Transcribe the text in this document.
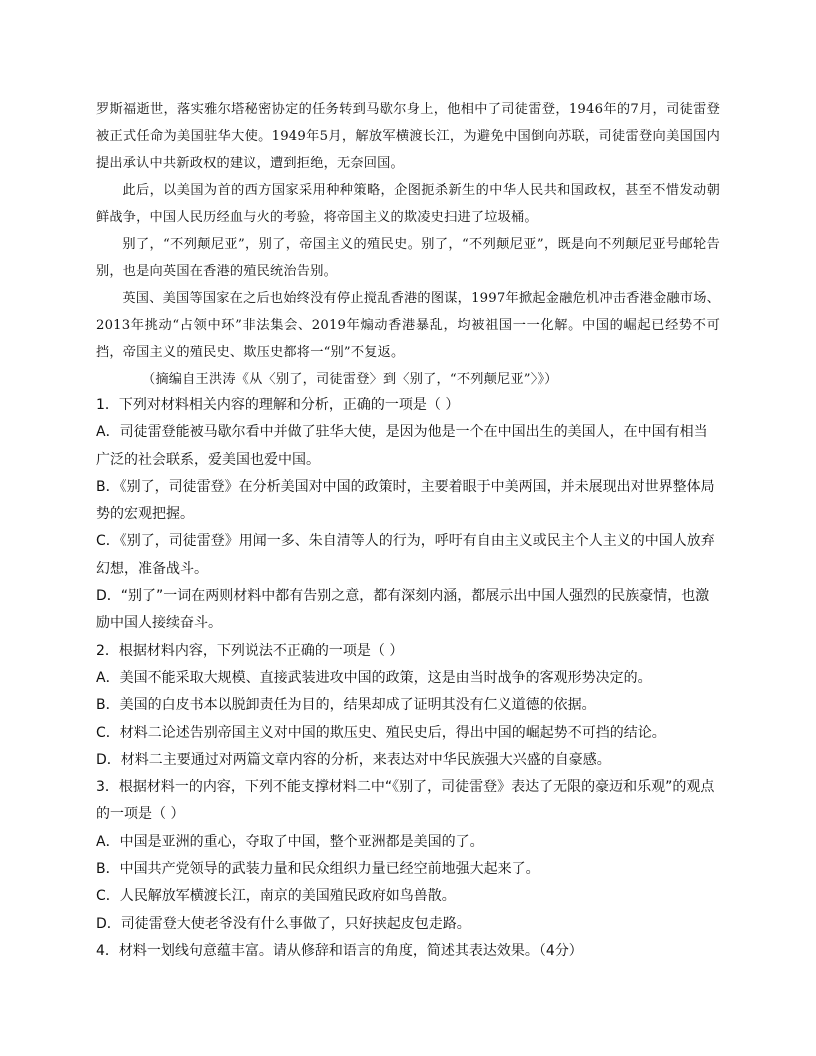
罗斯福逝世，落实雅尔塔秘密协定的任务转到马歇尔身上，他相中了司徒雷登，1946年的7月，司徒雷登被正式任命为美国驻华大使。1949年5月，解放军横渡长江，为避免中国倒向苏联，司徒雷登向美国国内提出承认中共新政权的建议，遭到拒绝，无奈回国。

此后，以美国为首的西方国家采用种种策略，企图扼杀新生的中华人民共和国政权，甚至不惜发动朝鲜战争，中国人民历经血与火的考验，将帝国主义的欺凌史扫进了垃圾桶。

别了，“不列颠尼亚”，别了，帝国主义的殖民史。别了，“不列颠尼亚”，既是向不列颠尼亚号邮轮告别，也是向英国在香港的殖民统治告别。

英国、美国等国家在之后也始终没有停止搅乱香港的图谋，1997年掀起金融危机冲击香港金融市场、2013年挑动“占领中环”非法集会、2019年煽动香港暴乱，均被祖国一一化解。中国的崛起已经势不可挡，帝国主义的殖民史、欺压史都将一“别”不复返。

（摘编自王洪涛《从〈别了，司徒雷登〉到〈别了，“不列颠尼亚”〉》）

1．下列对材料相关内容的理解和分析，正确的一项是（ ）

A．司徒雷登能被马歇尔看中并做了驻华大使，是因为他是一个在中国出生的美国人，在中国有相当广泛的社会联系，爱美国也爱中国。

B．《别了，司徒雷登》在分析美国对中国的政策时，主要着眼于中美两国，并未展现出对世界整体局势的宏观把握。

C．《别了，司徒雷登》用闻一多、朱自清等人的行为，呼吁有自由主义或民主个人主义的中国人放弃幻想，准备战斗。

D．“别了”一词在两则材料中都有告别之意，都有深刻内涵，都展示出中国人强烈的民族豪情，也激励中国人接续奋斗。

2．根据材料内容，下列说法不正确的一项是（ ）

A．美国不能采取大规模、直接武装进攻中国的政策，这是由当时战争的客观形势决定的。

B．美国的白皮书本以脱卸责任为目的，结果却成了证明其没有仁义道德的依据。

C．材料二论述告别帝国主义对中国的欺压史、殖民史后，得出中国的崛起势不可挡的结论。

D．材料二主要通过对两篇文章内容的分析，来表达对中华民族强大兴盛的自豪感。

3．根据材料一的内容，下列不能支撑材料二中“《别了，司徒雷登》表达了无限的豪迈和乐观”的观点的一项是（ ）

A．中国是亚洲的重心，夺取了中国，整个亚洲都是美国的了。

B．中国共产党领导的武装力量和民众组织力量已经空前地强大起来了。

C．人民解放军横渡长江，南京的美国殖民政府如鸟兽散。

D．司徒雷登大使老爷没有什么事做了，只好挟起皮包走路。

4．材料一划线句意蕴丰富。请从修辞和语言的角度，简述其表达效果。（4分）
